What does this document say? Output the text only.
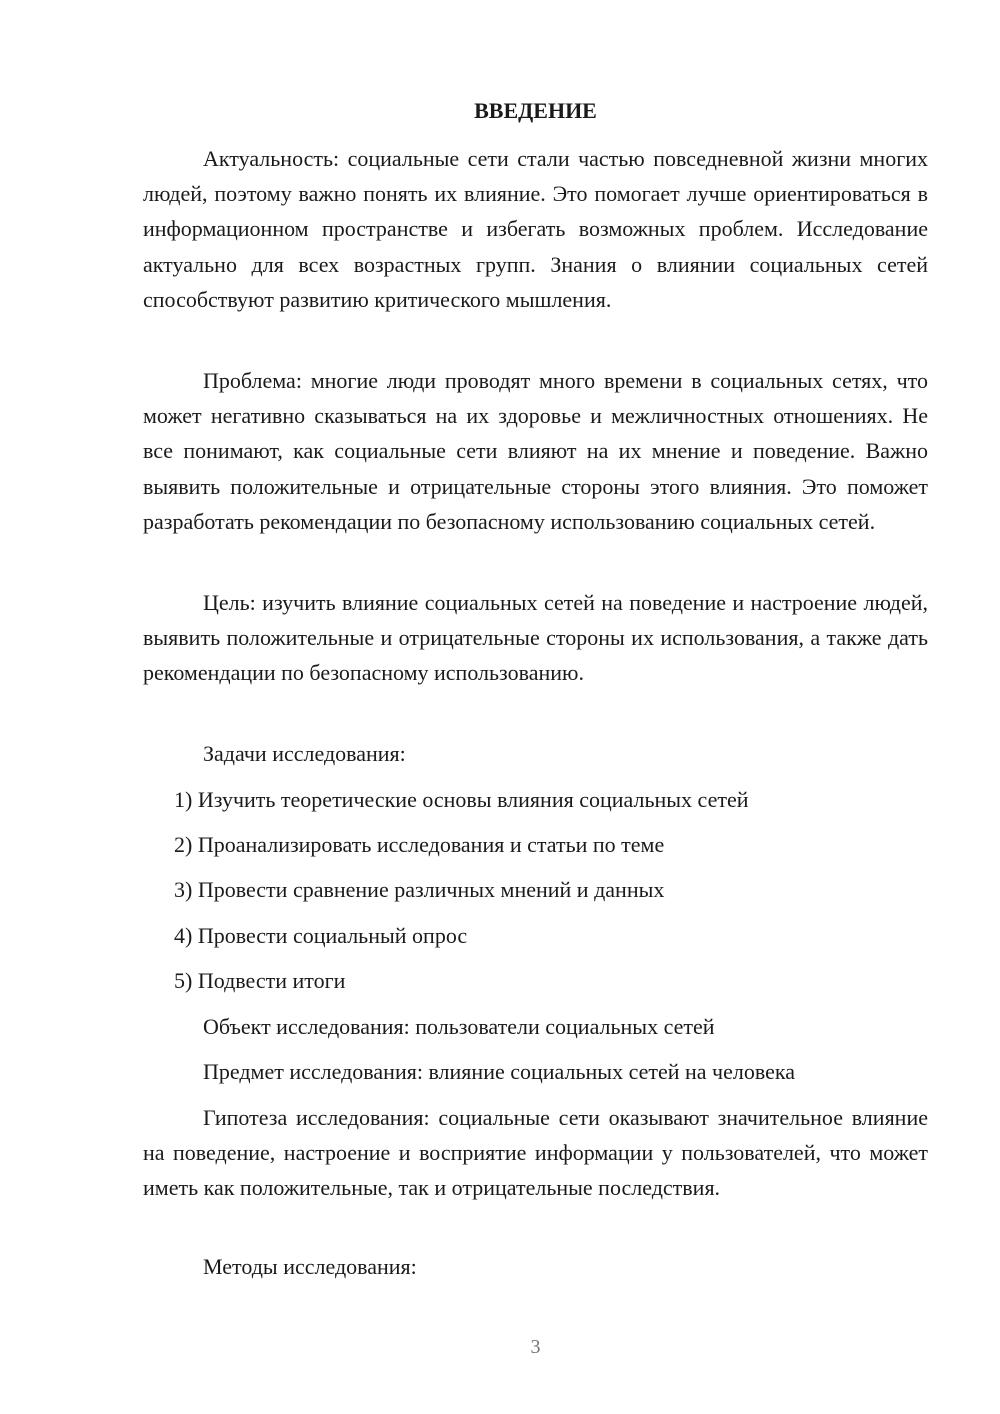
ВВЕДЕНИЕ

Актуальность: социальные сети стали частью повседневной жизни многих людей, поэтому важно понять их влияние. Это помогает лучше ориентироваться в информационном пространстве и избегать возможных проблем. Исследование актуально для всех возрастных групп. Знания о влиянии социальных сетей способствуют развитию критического мышления.

Проблема: многие люди проводят много времени в социальных сетях, что может негативно сказываться на их здоровье и межличностных отношениях. Не все понимают, как социальные сети влияют на их мнение и поведение. Важно выявить положительные и отрицательные стороны этого влияния. Это поможет разработать рекомендации по безопасному использованию социальных сетей.

Цель: изучить влияние социальных сетей на поведение и настроение людей, выявить положительные и отрицательные стороны их использования, а также дать рекомендации по безопасному использованию.

Задачи исследования:

1) Изучить теоретические основы влияния социальных сетей

2) Проанализировать исследования и статьи по теме

3) Провести сравнение различных мнений и данных

4) Провести социальный опрос

5) Подвести итоги

Объект исследования: пользователи социальных сетей

Предмет исследования: влияние социальных сетей на человека

Гипотеза исследования: социальные сети оказывают значительное влияние на поведение, настроение и восприятие информации у пользователей, что может иметь как положительные, так и отрицательные последствия.

Методы исследования:

3
